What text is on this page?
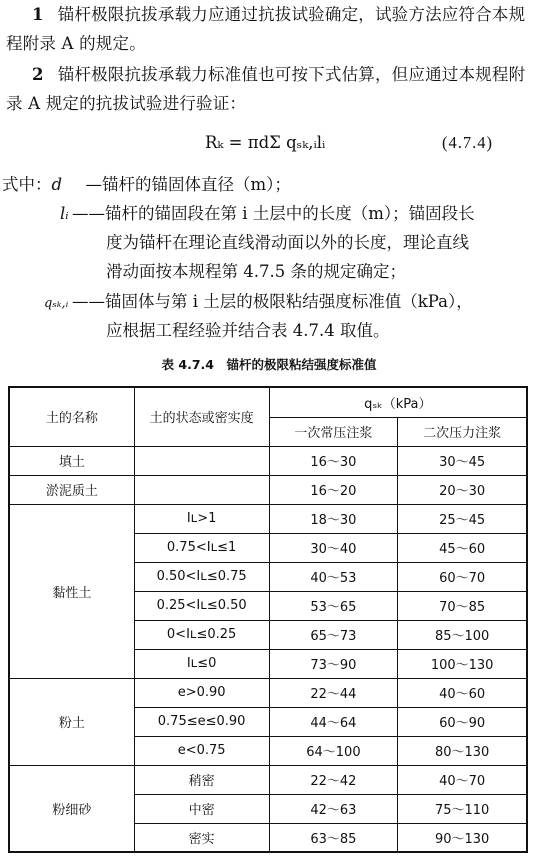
1 锚杆极限抗拔承载力应通过抗拔试验确定，试验方法应符合本规程附录 A 的规定。
2 锚杆极限抗拔承载力标准值也可按下式估算，但应通过本规程附录 A 规定的抗拔试验进行验证：
Rₖ = πdΣ qₛₖ,ᵢlᵢ	(4.7.4)
式中：d —锚杆的锚固体直径（m）；
lᵢ ——锚杆的锚固段在第 i 土层中的长度（m）；锚固段长
度为锚杆在理论直线滑动面以外的长度，理论直线
滑动面按本规程第 4.7.5 条的规定确定；
qₛₖ,ᵢ ——锚固体与第 i 土层的极限粘结强度标准值（kPa），
应根据工程经验并结合表 4.7.4 取值。
表 4.7.4　锚杆的极限粘结强度标准值
土的名称	土的状态或密实度	qₛₖ（kPa）	
		一次常压注浆	二次压力注浆
填土		16～30	30～45
淤泥质土		16～20	20～30
黏性土	Iʟ>1	18～30	25～45
	0.75<Iʟ≤1	30～40	45～60
	0.50<Iʟ≤0.75	40～53	60～70
	0.25<Iʟ≤0.50	53～65	70～85
	0<Iʟ≤0.25	65～73	85～100
	Iʟ≤0	73～90	100～130
粉土	e>0.90	22～44	40～60
	0.75≤e≤0.90	44～64	60～90
	e<0.75	64～100	80～130
粉细砂	稍密	22～42	40～70
	中密	42～63	75～110
	密实	63～85	90～130
